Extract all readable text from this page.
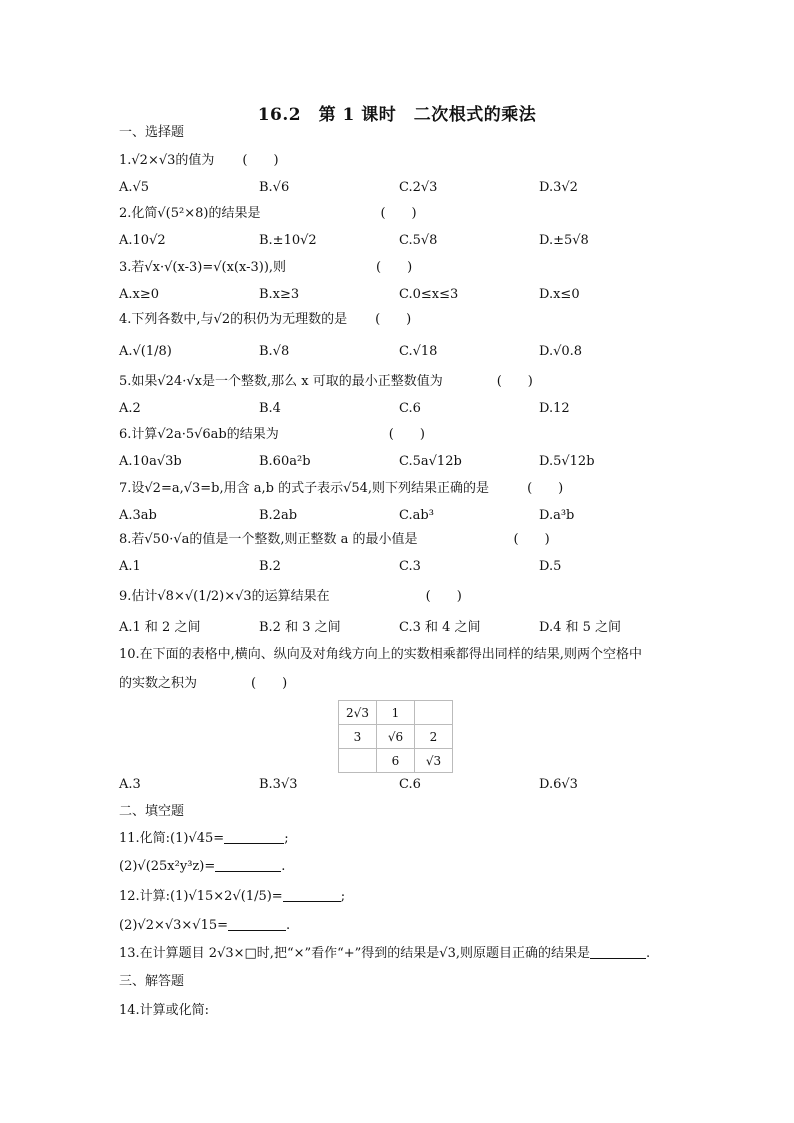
16.2　第 1 课时　二次根式的乘法
一、选择题
1.√2×√3的值为 (　　)
A.√5	B.√6	C.2√3	D.3√2
2.化简√(5²×8)的结果是	(　　)
A.10√2	B.±10√2	C.5√8	D.±5√8
3.若√x·√(x-3)=√(x(x-3)),则	(　　)
A.x≥0	B.x≥3	C.0≤x≤3	D.x≤0
4.下列各数中,与√2的积仍为无理数的是 (　　)
A.√(1/8)	B.√8	C.√18	D.√0.8
5.如果√24·√x是一个整数,那么 x 可取的最小正整数值为	(　　)
A.2	B.4	C.6	D.12
6.计算√2a·5√6ab的结果为	(　　)
A.10a√3b	B.60a²b	C.5a√12b	D.5√12b
7.设√2=a,√3=b,用含 a,b 的式子表示√54,则下列结果正确的是	(　　)
A.3ab	B.2ab	C.ab³	D.a³b
8.若√50·√a的值是一个整数,则正整数 a 的最小值是	(　　)
A.1	B.2	C.3	D.5
9.估计√8×√(1/2)×√3的运算结果在	(　　)
A.1 和 2 之间	B.2 和 3 之间	C.3 和 4 之间	D.4 和 5 之间
10.在下面的表格中,横向、纵向及对角线方向上的实数相乘都得出同样的结果,则两个空格中
的实数之积为	(　　)
2√3	1	
3	√6	2
	6	√3
A.3	B.3√3	C.6	D.6√3
二、填空题
11.化简:(1)√45=	;
(2)√(25x²y³z)=	.
12.计算:(1)√15×2√(1/5)=	;
(2)√2×√3×√15=	.
13.在计算题目 2√3×□时,把“×”看作“+”得到的结果是√3,则原题目正确的结果是	.
三、解答题
14.计算或化简:
